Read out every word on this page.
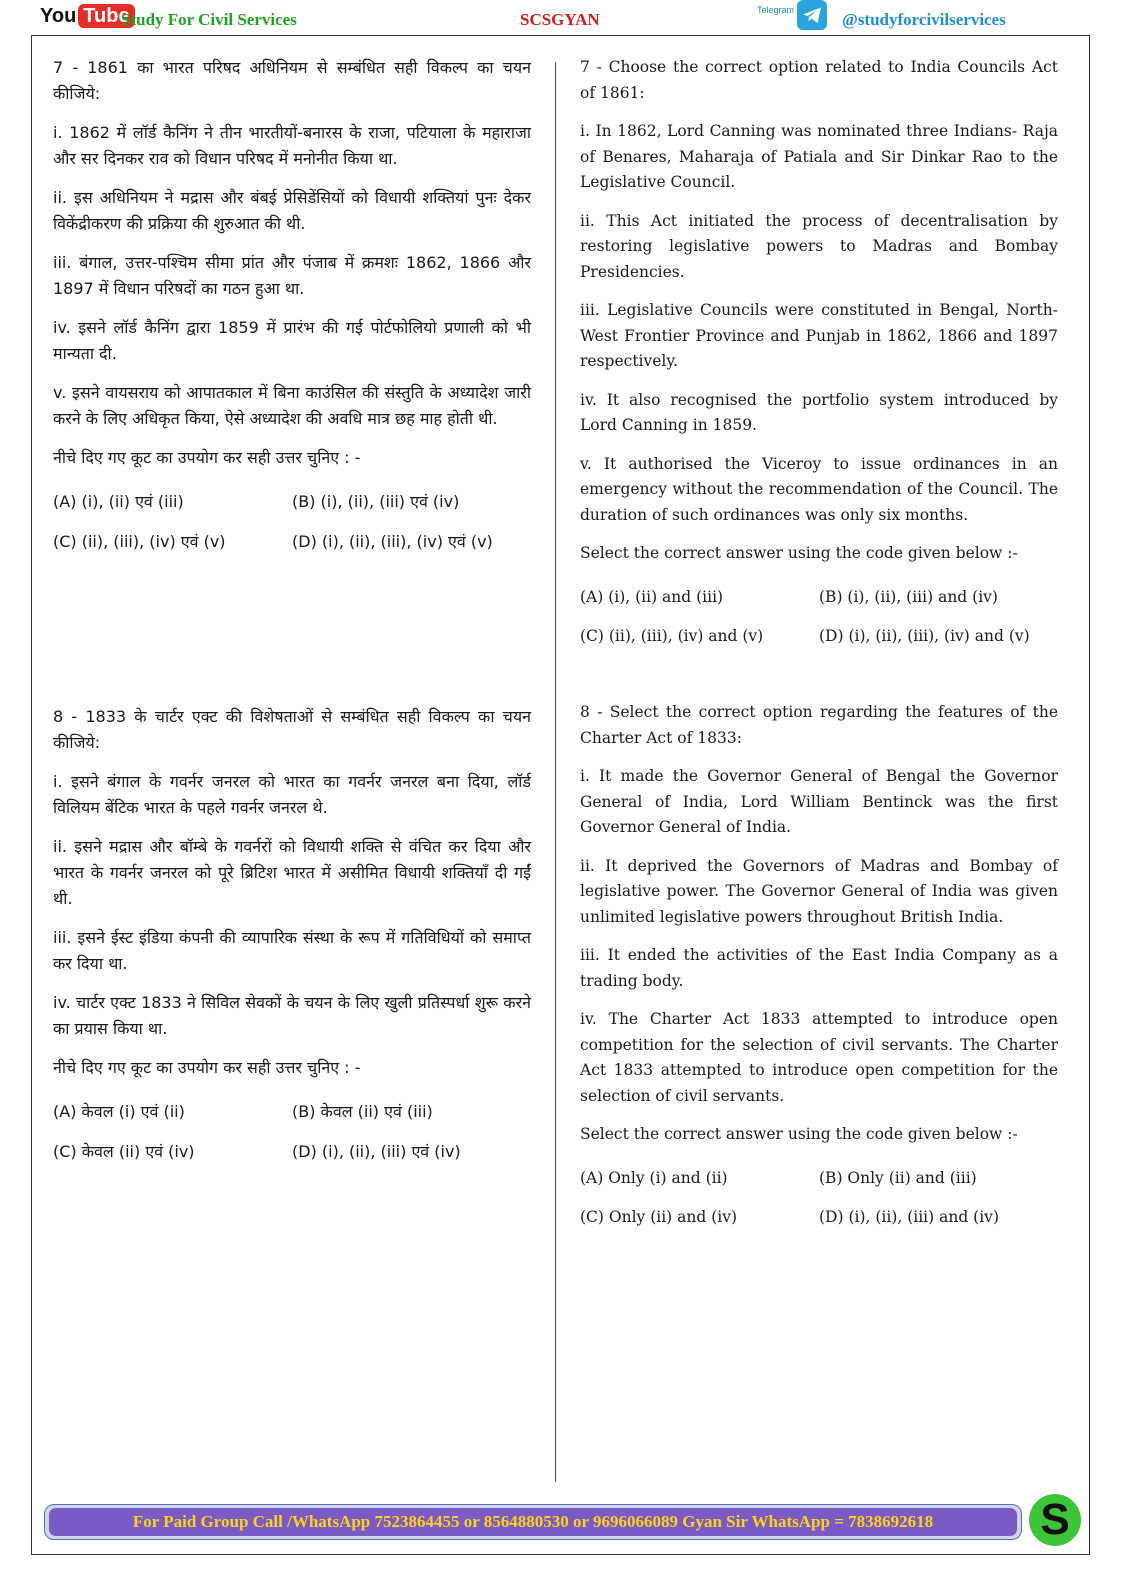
You Tube
Study For Civil Services	SCSGYAN	Telegram	@studyforcivilservices

7 - 1861 का भारत परिषद अधिनियम से सम्बंधित सही विकल्प का चयन कीजिये:

i. 1862 में लॉर्ड कैनिंग ने तीन भारतीयों-बनारस के राजा, पटियाला के महाराजा और सर दिनकर राव को विधान परिषद में मनोनीत किया था.

ii. इस अधिनियम ने मद्रास और बंबई प्रेसिडेंसियों को विधायी शक्तियां पुनः देकर विकेंद्रीकरण की प्रक्रिया की शुरुआत की थी.

iii. बंगाल, उत्तर-पश्चिम सीमा प्रांत और पंजाब में क्रमशः 1862, 1866 और 1897 में विधान परिषदों का गठन हुआ था.

iv. इसने लॉर्ड कैनिंग द्वारा 1859 में प्रारंभ की गई पोर्टफोलियो प्रणाली को भी मान्यता दी.

v. इसने वायसराय को आपातकाल में बिना काउंसिल की संस्तुति के अध्यादेश जारी करने के लिए अधिकृत किया, ऐसे अध्यादेश की अवधि मात्र छह माह होती थी.

नीचे दिए गए कूट का उपयोग कर सही उत्तर चुनिए : -

(A) (i), (ii) एवं (iii)	(B) (i), (ii), (iii) एवं (iv)
(C) (ii), (iii), (iv) एवं (v)	(D) (i), (ii), (iii), (iv) एवं (v)

8 - 1833 के चार्टर एक्ट की विशेषताओं से सम्बंधित सही विकल्प का चयन कीजिये:

i. इसने बंगाल के गवर्नर जनरल को भारत का गवर्नर जनरल बना दिया, लॉर्ड विलियम बेंटिक भारत के पहले गवर्नर जनरल थे.

ii. इसने मद्रास और बॉम्बे के गवर्नरों को विधायी शक्ति से वंचित कर दिया और भारत के गवर्नर जनरल को पूरे ब्रिटिश भारत में असीमित विधायी शक्तियाँ दी गईं थी.

iii. इसने ईस्ट इंडिया कंपनी की व्यापारिक संस्था के रूप में गतिविधियों को समाप्त कर दिया था.

iv. चार्टर एक्ट 1833 ने सिविल सेवकों के चयन के लिए खुली प्रतिस्पर्धा शुरू करने का प्रयास किया था.

नीचे दिए गए कूट का उपयोग कर सही उत्तर चुनिए : -

(A) केवल (i) एवं (ii)	(B) केवल (ii) एवं (iii)
(C) केवल (ii) एवं (iv)	(D) (i), (ii), (iii) एवं (iv)

7 - Choose the correct option related to India Councils Act of 1861:

i. In 1862, Lord Canning was nominated three Indians- Raja of Benares, Maharaja of Patiala and Sir Dinkar Rao to the Legislative Council.

ii. This Act initiated the process of decentralisation by restoring legislative powers to Madras and Bombay Presidencies.

iii. Legislative Councils were constituted in Bengal, North-West Frontier Province and Punjab in 1862, 1866 and 1897 respectively.

iv. It also recognised the portfolio system introduced by Lord Canning in 1859.

v. It authorised the Viceroy to issue ordinances in an emergency without the recommendation of the Council. The duration of such ordinances was only six months.

Select the correct answer using the code given below :-

(A) (i), (ii) and (iii)	(B) (i), (ii), (iii) and (iv)
(C) (ii), (iii), (iv) and (v)	(D) (i), (ii), (iii), (iv) and (v)

8 - Select the correct option regarding the features of the Charter Act of 1833:

i. It made the Governor General of Bengal the Governor General of India, Lord William Bentinck was the first Governor General of India.

ii. It deprived the Governors of Madras and Bombay of legislative power. The Governor General of India was given unlimited legislative powers throughout British India.

iii. It ended the activities of the East India Company as a trading body.

iv. The Charter Act 1833 attempted to introduce open competition for the selection of civil servants. The Charter Act 1833 attempted to introduce open competition for the selection of civil servants.

Select the correct answer using the code given below :-

(A) Only (i) and (ii)	(B) Only (ii) and (iii)
(C) Only (ii) and (iv)	(D) (i), (ii), (iii) and (iv)
For Paid Group Call /WhatsApp 7523864455 or 8564880530 or 9696066089 Gyan Sir WhatsApp = 7838692618	S
